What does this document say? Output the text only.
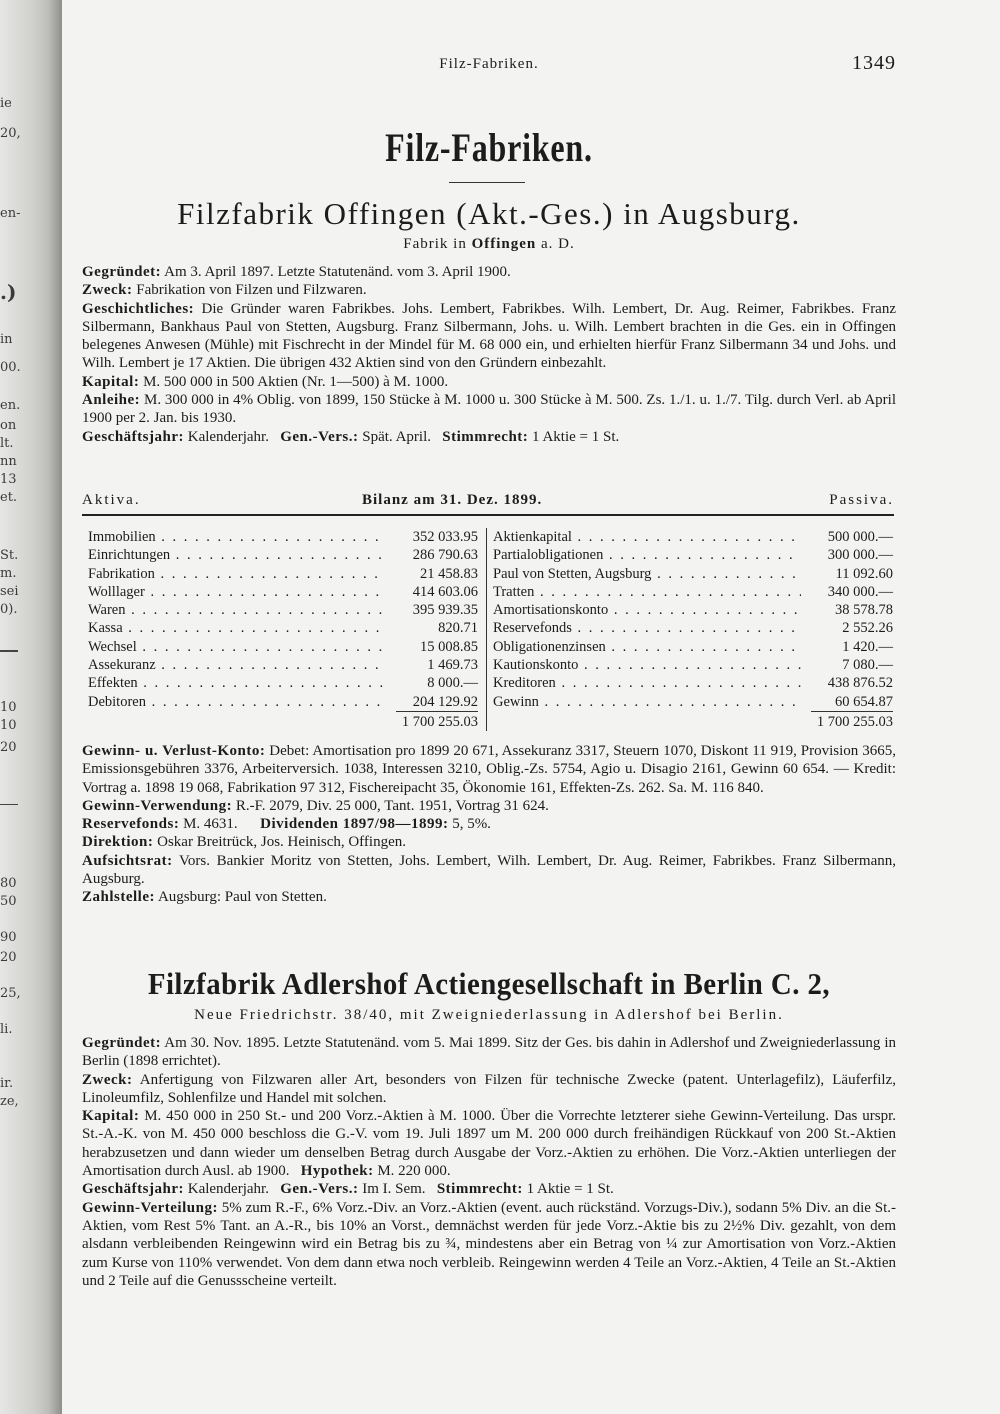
ie
20,
en-
.)
in
00.
en.
on
lt.
nn
13
et.
St.
m.
sei
0).
10
10
20
80
50
90
20
25,
li.
ir.
ze,
Filz-Fabriken.	1349
Filz-Fabriken.
Filzfabrik Offingen (Akt.-Ges.) in Augsburg.
Fabrik in Offingen a. D.
Gegründet: Am 3. April 1897. Letzte Statutenänd. vom 3. April 1900.
Zweck: Fabrikation von Filzen und Filzwaren.
Geschichtliches: Die Gründer waren Fabrikbes. Johs. Lembert, Fabrikbes. Wilh. Lembert, Dr. Aug. Reimer, Fabrikbes. Franz Silbermann, Bankhaus Paul von Stetten, Augsburg. Franz Silbermann, Johs. u. Wilh. Lembert brachten in die Ges. ein in Offingen belegenes Anwesen (Mühle) mit Fischrecht in der Mindel für M. 68 000 ein, und erhielten hierfür Franz Silbermann 34 und Johs. und Wilh. Lembert je 17 Aktien. Die übrigen 432 Aktien sind von den Gründern einbezahlt.
Kapital: M. 500 000 in 500 Aktien (Nr. 1—500) à M. 1000.
Anleihe: M. 300 000 in 4% Oblig. von 1899, 150 Stücke à M. 1000 u. 300 Stücke à M. 500. Zs. 1./1. u. 1./7. Tilg. durch Verl. ab April 1900 per 2. Jan. bis 1930.
Geschäftsjahr: Kalenderjahr. Gen.-Vers.: Spät. April. Stimmrecht: 1 Aktie = 1 St.
Aktiva.	Bilanz am 31. Dez. 1899.	Passiva.
Immobilien . . .	352 033.95
Einrichtungen . . .	286 790.63
Fabrikation . . .	21 458.83
Wolllager . . .	414 603.06
Waren . . .	395 939.35
Kassa . . .	820.71
Wechsel . . .	15 008.85
Assekuranz . . .	1 469.73
Effekten . . .	8 000.—
Debitoren . . .	204 129.92
1 700 255.03
Aktienkapital . . .	500 000.—
Partialobligationen . . .	300 000.—
Paul von Stetten, Augsburg . . .	11 092.60
Tratten . . .	340 000.—
Amortisationskonto . . .	38 578.78
Reservefonds . . .	2 552.26
Obligationenzinsen . . .	1 420.—
Kautionskonto . . .	7 080.—
Kreditoren . . .	438 876.52
Gewinn . . .	60 654.87
1 700 255.03
Gewinn- u. Verlust-Konto: Debet: Amortisation pro 1899 20 671, Assekuranz 3317, Steuern 1070, Diskont 11 919, Provision 3665, Emissionsgebühren 3376, Arbeiterversich. 1038, Interessen 3210, Oblig.-Zs. 5754, Agio u. Disagio 2161, Gewinn 60 654. — Kredit: Vortrag a. 1898 19 068, Fabrikation 97 312, Fischereipacht 35, Ökonomie 161, Effekten-Zs. 262. Sa. M. 116 840.
Gewinn-Verwendung: R.-F. 2079, Div. 25 000, Tant. 1951, Vortrag 31 624.
Reservefonds: M. 4631. Dividenden 1897/98—1899: 5, 5%.
Direktion: Oskar Breitrück, Jos. Heinisch, Offingen.
Aufsichtsrat: Vors. Bankier Moritz von Stetten, Johs. Lembert, Wilh. Lembert, Dr. Aug. Reimer, Fabrikbes. Franz Silbermann, Augsburg.
Zahlstelle: Augsburg: Paul von Stetten.
Filzfabrik Adlershof Actiengesellschaft in Berlin C. 2,
Neue Friedrichstr. 38/40, mit Zweigniederlassung in Adlershof bei Berlin.
Gegründet: Am 30. Nov. 1895. Letzte Statutenänd. vom 5. Mai 1899. Sitz der Ges. bis dahin in Adlershof und Zweigniederlassung in Berlin (1898 errichtet).
Zweck: Anfertigung von Filzwaren aller Art, besonders von Filzen für technische Zwecke (patent. Unterlagefilz), Läuferfilz, Linoleumfilz, Sohlenfilze und Handel mit solchen.
Kapital: M. 450 000 in 250 St.- und 200 Vorz.-Aktien à M. 1000. Über die Vorrechte letzterer siehe Gewinn-Verteilung. Das urspr. St.-A.-K. von M. 450 000 beschloss die G.-V. vom 19. Juli 1897 um M. 200 000 durch freihändigen Rückkauf von 200 St.-Aktien herabzusetzen und dann wieder um denselben Betrag durch Ausgabe der Vorz.-Aktien zu erhöhen. Die Vorz.-Aktien unterliegen der Amortisation durch Ausl. ab 1900. Hypothek: M. 220 000.
Geschäftsjahr: Kalenderjahr. Gen.-Vers.: Im I. Sem. Stimmrecht: 1 Aktie = 1 St.
Gewinn-Verteilung: 5% zum R.-F., 6% Vorz.-Div. an Vorz.-Aktien (event. auch rückständ. Vorzugs-Div.), sodann 5% Div. an die St.-Aktien, vom Rest 5% Tant. an A.-R., bis 10% an Vorst., demnächst werden für jede Vorz.-Aktie bis zu 2½% Div. gezahlt, von dem alsdann verbleibenden Reingewinn wird ein Betrag bis zu ¾, mindestens aber ein Betrag von ¼ zur Amortisation von Vorz.-Aktien zum Kurse von 110% verwendet. Von dem dann etwa noch verbleib. Reingewinn werden 4 Teile an Vorz.-Aktien, 4 Teile an St.-Aktien und 2 Teile auf die Genussscheine verteilt.
